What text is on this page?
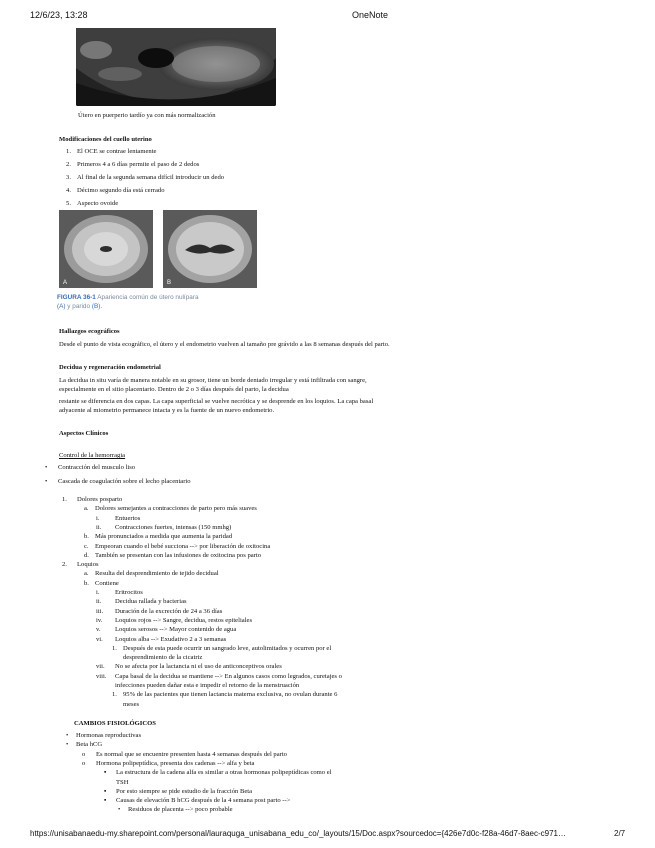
12/6/23, 13:28	OneNote
Útero en puerperio tardío ya con más normalización
Modificaciones del cuello uterino
1. El OCE se contrae lentamente
2. Primeros 4 a 6 días permite el paso de 2 dedos
3. Al final de la segunda semana difícil introducir un dedo
4. Décimo segundo día está cerrado
5. Aspecto ovoide
A	B
FIGURA 36-1 Apariencia común de útero nulípara
(A) y parido (B).
Hallazgos ecográficos
Desde el punto de vista ecográfico, el útero y el endometrio vuelven al tamaño pre grávido a las 8 semanas después del parto.
Decidua y regeneración endometrial
La decidua in situ varía de manera notable en su grosor, tiene un borde dentado irregular y está infiltrada con sangre, especialmente en el sitio placentario. Dentro de 2 o 3 días después del parto, la decidua
restante se diferencia en dos capas. La capa superficial se vuelve necrótica y se desprende en los loquios. La capa basal adyacente al miometrio permanece intacta y es la fuente de un nuevo endometrio.
Aspectos Clínicos
Control de la hemorragia
• Contracción del musculo liso
• Cascada de coagulación sobre el lecho placentario
1. Dolores posparto
a. Dolores semejantes a contracciones de parto pero más suaves
i. Entuertos
ii. Contracciones fuertes, intensas (150 mmhg)
b. Más pronunciados a medida que aumenta la paridad
c. Empeoran cuando el bebé succiona --> por liberación de oxitocina
d. También se presentan con las infusiones de oxitocina pos parto
2. Loquios
a. Resulta del desprendimiento de tejido decidual
b. Contiene
i. Eritrocitos
ii. Decidua rallada y bacterias
iii. Duración de la excreción de 24 a 36 días
iv. Loquios rojos --> Sangre, decidua, restos epiteliales
v. Loquios serosos --> Mayor contenido de agua
vi. Loquios alba --> Exudativo 2 a 3 semanas
1. Después de esta puede ocurrir un sangrado leve, autolimitados y ocurren por el
desprendimiento de la cicatriz
vii. No se afecta por la lactancia ni el uso de anticonceptivos orales
viii. Capa basal de la decidua se mantiene --> En algunos casos como legrados, curetajes o
infecciones pueden dañar esta e impedir el retorno de la menstruación
1. 95% de las pacientes que tienen lactancia materna exclusiva, no ovulan durante 6
meses
CAMBIOS FISIOLÓGICOS
• Hormonas reproductivas
• Beta hCG
o Es normal que se encuentre presenten hasta 4 semanas después del parto
o Hormona polipeptídica, presenta dos cadenas --> alfa y beta
▪ La estructura de la cadena alfa es similar a otras hormonas polipeptídicas como el
TSH
▪ Por esto siempre se pide estudio de la fracción Beta
▪ Causas de elevación B hCG después de la 4 semana post parto -->
• Residuos de placenta --> poco probable
https://unisabanaedu-my.sharepoint.com/personal/lauraquga_unisabana_edu_co/_layouts/15/Doc.aspx?sourcedoc={426e7d0c-f28a-46d7-8aec-c971…	2/7
